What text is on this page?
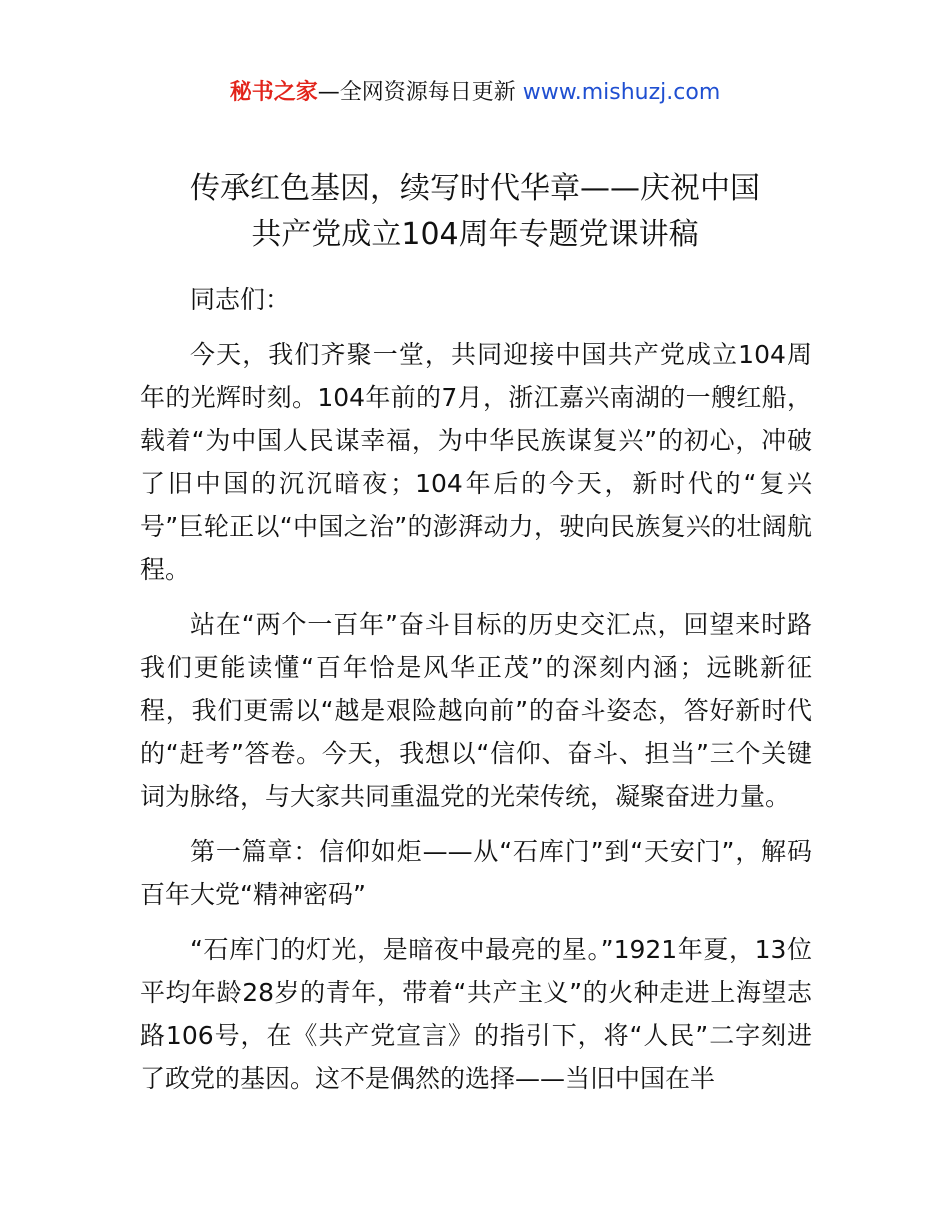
秘书之家—全网资源每日更新 www.mishuzj.com
传承红色基因，续写时代华章——庆祝中国
共产党成立104周年专题党课讲稿

同志们：

今天，我们齐聚一堂，共同迎接中国共产党成立104周年的光辉时刻。104年前的7月，浙江嘉兴南湖的一艘红船，载着“为中国人民谋幸福，为中华民族谋复兴”的初心，冲破了旧中国的沉沉暗夜；104年后的今天，新时代的“复兴号”巨轮正以“中国之治”的澎湃动力，驶向民族复兴的壮阔航程。

站在“两个一百年”奋斗目标的历史交汇点，回望来时路我们更能读懂“百年恰是风华正茂”的深刻内涵；远眺新征程，我们更需以“越是艰险越向前”的奋斗姿态，答好新时代的“赶考”答卷。今天，我想以“信仰、奋斗、担当”三个关键词为脉络，与大家共同重温党的光荣传统，凝聚奋进力量。

第一篇章：信仰如炬——从“石库门”到“天安门”，解码百年大党“精神密码”

“石库门的灯光，是暗夜中最亮的星。”1921年夏，13位平均年龄28岁的青年，带着“共产主义”的火种走进上海望志路106号，在《共产党宣言》的指引下，将“人民”二字刻进了政党的基因。这不是偶然的选择——当旧中国在半
